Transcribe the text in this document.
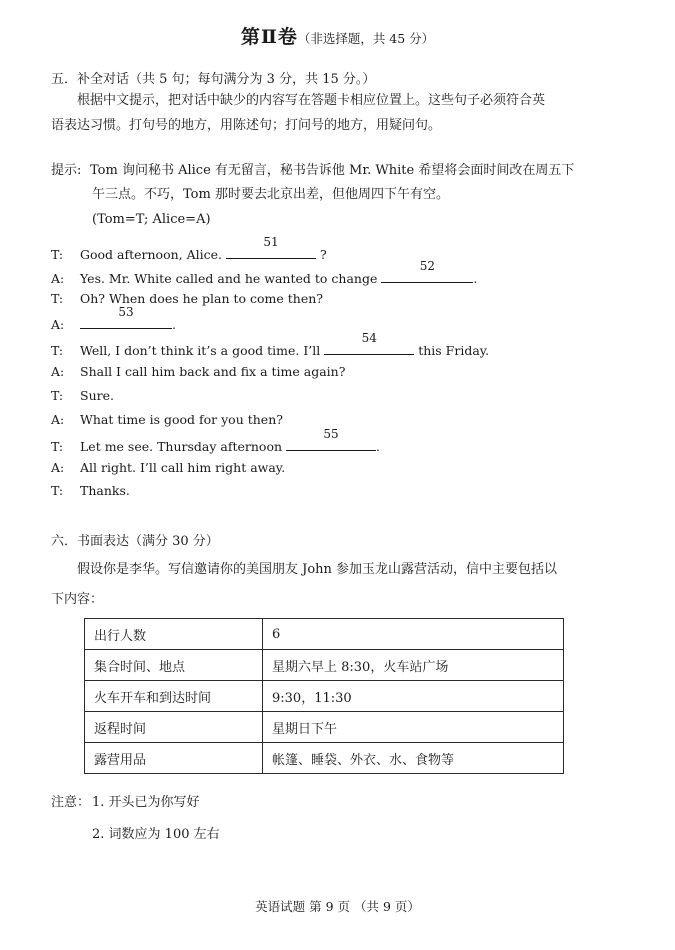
第Ⅱ卷（非选择题，共 45 分）
五．补全对话（共 5 句；每句满分为 3 分，共 15 分。）
根据中文提示，把对话中缺少的内容写在答题卡相应位置上。这些句子必须符合英
语表达习惯。打句号的地方，用陈述句；打问号的地方，用疑问句。
提示: Tom 询问秘书 Alice 有无留言，秘书告诉他 Mr. White 希望将会面时间改在周五下
午三点。不巧，Tom 那时要去北京出差，但他周四下午有空。
(Tom=T; Alice=A)
T: Good afternoon, Alice.
51
?
A: Yes. Mr. White called and he wanted to change
52
.
T: Oh? When does he plan to come then?
A:
53
.
T: Well, I don’t think it’s a good time. I’ll
54
this Friday.
A: Shall I call him back and fix a time again?
T: Sure.
A: What time is good for you then?
T: Let me see. Thursday afternoon
55
.
A: All right. I’ll call him right away.
T: Thanks.
六．书面表达（满分 30 分）
假设你是李华。写信邀请你的美国朋友 John 参加玉龙山露营活动，信中主要包括以
下内容：
出行人数	6
集合时间、地点	星期六早上 8:30，火车站广场
火车开车和到达时间	9:30，11:30
返程时间	星期日下午
露营用品	帐篷、睡袋、外衣、水、食物等
注意： 1. 开头已为你写好
2. 词数应为 100 左右
英语试题 第 9 页 （共 9 页）
